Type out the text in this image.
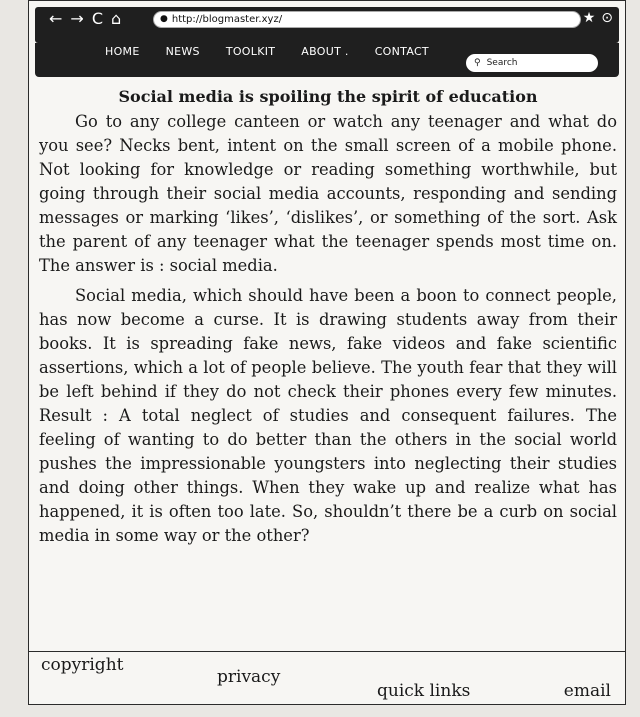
← → C ⌂	● http://blogmaster.xyz/	★ ⊙
HOME NEWS TOOLKIT ABOUT . CONTACT
⚲ Search
Social media is spoiling the spirit of education

Go to any college canteen or watch any teenager and what do you see? Necks bent, intent on the small screen of a mobile phone. Not looking for knowledge or reading something worthwhile, but going through their social media accounts, responding and sending messages or marking ‘likes’, ‘dislikes’, or something of the sort. Ask the parent of any teenager what the teenager spends most time on. The answer is : social media.

Social media, which should have been a boon to connect people, has now become a curse. It is drawing students away from their books. It is spreading fake news, fake videos and fake scientific assertions, which a lot of people believe. The youth fear that they will be left behind if they do not check their phones every few minutes. Result : A total neglect of studies and consequent failures. The feeling of wanting to do better than the others in the social world pushes the impressionable youngsters into neglecting their studies and doing other things. When they wake up and realize what has happened, it is often too late. So, shouldn’t there be a curb on social media in some way or the other?

copyright
privacy
quick links	email
